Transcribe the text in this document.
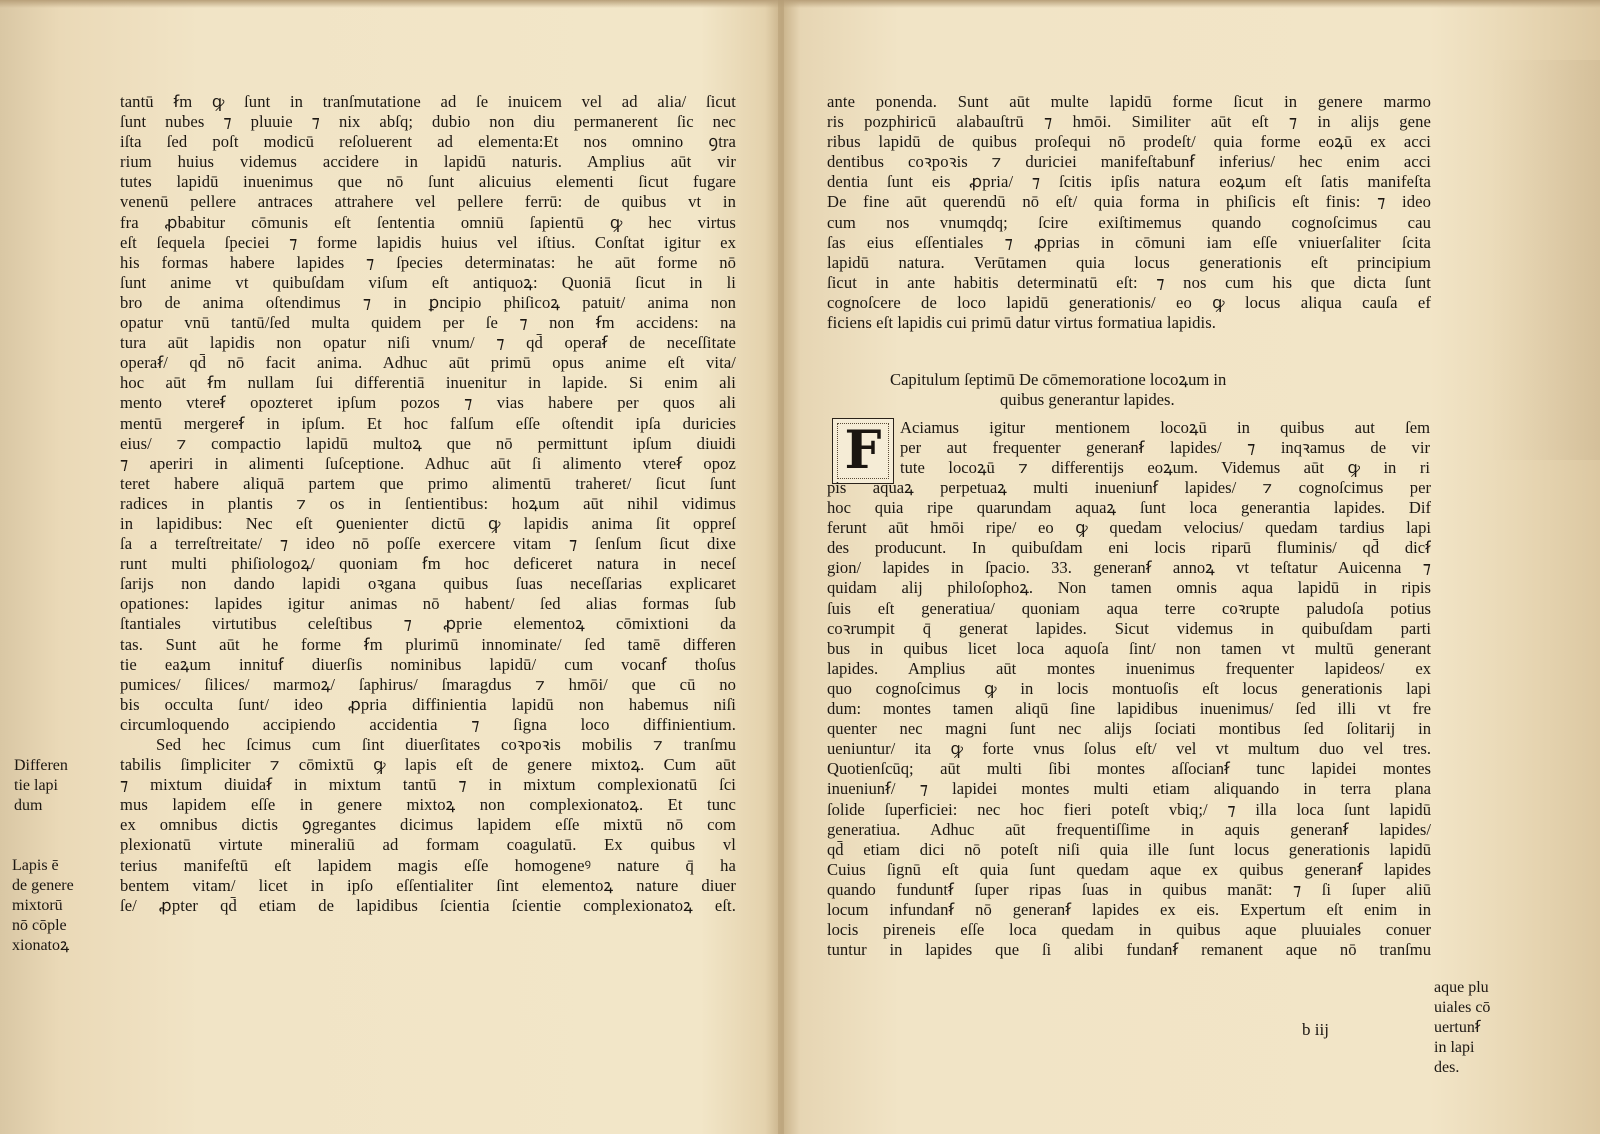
tantū ẜm ꝙ ſunt in tranſmutatione ad ſe inuicem vel ad alia/ ſicut
ſunt nubes ⁊ pluuie ⁊ nix abſq; dubio non diu permanerent ſic nec
iſta ſed poſt modicū reſoluerent ad elementa:Et nos omnino ꝯtra
rium huius videmus accidere in lapidū naturis. Amplius aūt vir
tutes lapidū inuenimus que nō ſunt alicuius elementi ſicut fugare
venenū pellere antraces attrahere vel pellere ferrū: de quibus vt in
fra ꝓbabitur cōmunis eſt ſententia omniū ſapientū ꝙ hec virtus
eſt ſequela ſpeciei ⁊ forme lapidis huius vel iſtius. Conſtat igitur ex
his formas habere lapides ⁊ ſpecies determinatas: he aūt forme nō
ſunt anime vt quibuſdam viſum eſt antiquoꝝ: Quoniā ſicut in li
bro de anima oſtendimus ⁊ in ꝑncipio phiſicoꝝ patuit/ anima non
opatur vnū tantū/ſed multa quidem per ſe ⁊ non ẜm accidens: na
tura aūt lapidis non opatur niſi vnum/ ⁊ qd̄ operaẜ de neceſſitate
operaẜ/ qd̄ nō facit anima. Adhuc aūt primū opus anime eſt vita/
hoc aūt ẜm nullam ſui differentiā inuenitur in lapide. Si enim ali
mento vtereẜ opozteret ipſum pozos ⁊ vias habere per quos ali
mentū mergereẜ in ipſum. Et hoc falſum eſſe oſtendit ipſa duricies
eius/ ⁊ compactio lapidū multoꝝ que nō permittunt ipſum diuidi
⁊ aperiri in alimenti ſuſceptione. Adhuc aūt ſi alimento vtereẜ opoz
teret habere aliquā partem que primo alimentū traheret/ ſicut ſunt
radices in plantis ⁊ os in ſentientibus: hoꝝum aūt nihil vidimus
in lapidibus: Nec eſt ꝯuenienter dictū ꝙ lapidis anima ſit oppreſ
ſa a terreſtreitate/ ⁊ ideo nō poſſe exercere vitam ⁊ ſenſum ſicut dixe
runt multi phiſiologoꝝ/ quoniam ẜm hoc deficeret natura in neceſ
ſarijs non dando lapidi oꝛgana quibus ſuas neceſſarias explicaret
opationes: lapides igitur animas nō habent/ ſed alias formas ſub
ſtantiales virtutibus celeſtibus ⁊ ꝓprie elementoꝝ cōmixtioni da
tas. Sunt aūt he forme ẜm plurimū innominate/ ſed tamē differen
tie eaꝝum innituẜ diuerſis nominibus lapidū/ cum vocanẜ thoſus
pumices/ ſilices/ marmoꝝ/ ſaphirus/ ſmaragdus ⁊ hmōi/ que cū no
bis occulta ſunt/ ideo ꝓpria diffinientia lapidū non habemus niſi
circumloquendo accipiendo accidentia ⁊ ſigna loco diffinientium.
Sed hec ſcimus cum ſint diuerſitates coꝛpoꝛis mobilis ⁊ tranſmu
tabilis ſimpliciter ⁊ cōmixtū ꝙ lapis eſt de genere mixtoꝝ. Cum aūt
⁊ mixtum diuidaẜ in mixtum tantū ⁊ in mixtum complexionatū ſci
mus lapidem eſſe in genere mixtoꝝ non complexionatoꝝ. Et tunc
ex omnibus dictis ꝯgregantes dicimus lapidem eſſe mixtū nō com
plexionatū virtute mineraliū ad formam coagulatū. Ex quibus vl
terius manifeſtū eſt lapidem magis eſſe homogeneꝰ nature q̄ ha
bentem vitam/ licet in ipſo eſſentialiter ſint elementoꝝ nature diuer
ſe/ ꝓpter qd̄ etiam de lapidibus ſcientia ſcientie complexionatoꝝ eſt.
Differen
tie lapi
dum
Lapis ē
de genere
mixtorū
nō cōple
xionatoꝝ
ante ponenda. Sunt aūt multe lapidū forme ſicut in genere marmo
ris pozphiricū alabauſtrū ⁊ hmōi. Similiter aūt eſt ⁊ in alijs gene
ribus lapidū de quibus proſequi nō prodeſt/ quia forme eoꝝū ex acci
dentibus coꝛpoꝛis ⁊ duriciei manifeſtabunẜ inferius/ hec enim acci
dentia ſunt eis ꝓpria/ ⁊ ſcitis ipſis natura eoꝝum eſt ſatis manifeſta
De fine aūt querendū nō eſt/ quia forma in phiſicis eſt finis: ⁊ ideo
cum nos vnumqdq; ſcire exiſtimemus quando cognoſcimus cau
ſas eius eſſentiales ⁊ ꝓprias in cōmuni iam eſſe vniuerſaliter ſcita
lapidū natura. Verūtamen quia locus generationis eſt principium
ſicut in ante habitis determinatū eſt: ⁊ nos cum his que dicta ſunt
cognoſcere de loco lapidū generationis/ eo ꝙ locus aliqua cauſa ef
ficiens eſt lapidis cui primū datur virtus formatiua lapidis.
Capitulum ſeptimū De cōmemoratione locoꝝum in
quibus generantur lapides.
F Aciamus igitur mentionem locoꝝū in quibus aut ſem
per aut frequenter generanẜ lapides/ ⁊ inqꝛamus de vir
tute locoꝝū ⁊ differentijs eoꝝum. Videmus aūt ꝙ in ri
pis aquaꝝ perpetuaꝝ multi inueniunẜ lapides/ ⁊ cognoſcimus per
hoc quia ripe quarundam aquaꝝ ſunt loca generantia lapides. Dif
ferunt aūt hmōi ripe/ eo ꝙ quedam velocius/ quedam tardius lapi
des producunt. In quibuſdam eni locis riparū fluminis/ qd̄ dicẜ
gion/ lapides in ſpacio. 33. generanẜ annoꝝ vt teſtatur Auicenna ⁊
quidam alij philoſophoꝝ. Non tamen omnis aqua lapidū in ripis
ſuis eſt generatiua/ quoniam aqua terre coꝛrupte paludoſa potius
coꝛrumpit q̄ generat lapides. Sicut videmus in quibuſdam parti
bus in quibus licet loca aquoſa ſint/ non tamen vt multū generant
lapides. Amplius aūt montes inuenimus frequenter lapideos/ ex
quo cognoſcimus ꝙ in locis montuoſis eſt locus generationis lapi
dum: montes tamen aliqū ſine lapidibus inuenimus/ ſed illi vt fre
quenter nec magni ſunt nec alijs ſociati montibus ſed ſolitarij in
ueniuntur/ ita ꝙ forte vnus ſolus eſt/ vel vt multum duo vel tres.
Quotienſcūq; aūt multi ſibi montes aſſocianẜ tunc lapidei montes
inueniunẜ/ ⁊ lapidei montes multi etiam aliquando in terra plana
ſolide ſuperficiei: nec hoc fieri poteſt vbiq;/ ⁊ illa loca ſunt lapidū
generatiua. Adhuc aūt frequentiſſime in aquis generanẜ lapides/
qd̄ etiam dici nō poteſt niſi quia ille ſunt locus generationis lapidū
Cuius ſignū eſt quia ſunt quedam aque ex quibus generanẜ lapides
quando funduntẜ ſuper ripas ſuas in quibus manāt: ⁊ ſi ſuper aliū
locum infundanẜ nō generanẜ lapides ex eis. Expertum eſt enim in
locis pireneis eſſe loca quedam in quibus aque pluuiales conuer
tuntur in lapides que ſi alibi fundanẜ remanent aque nō tranſmu
aque plu
uiales cō
uertunẜ
in lapi
des.
b iij
